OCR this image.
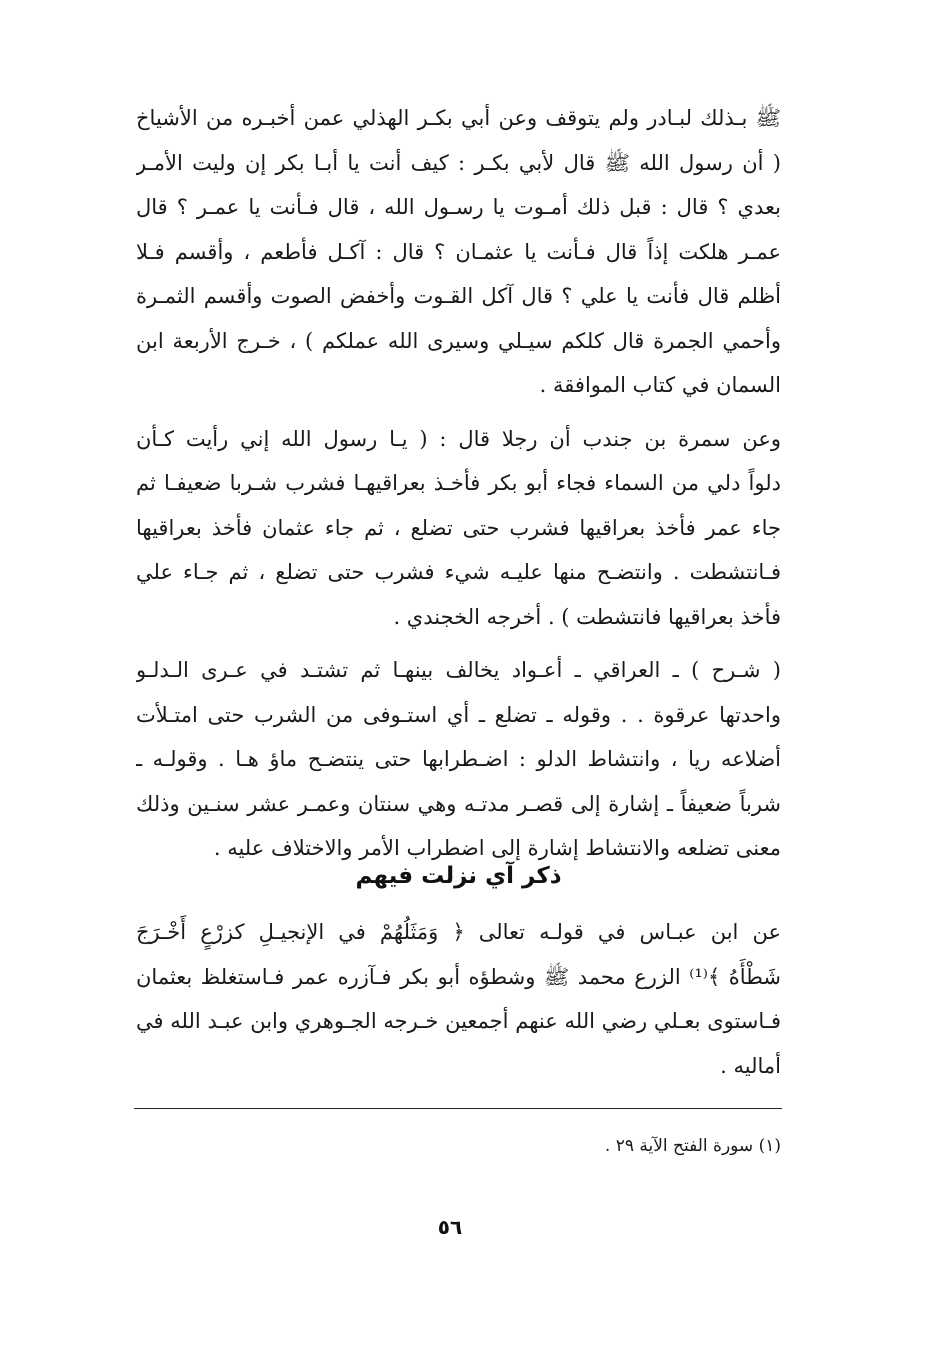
ﷺ بـذلك لبـادر ولم يتوقف وعن أبي بكـر الهذلي عمن أخبـره من الأشياخ
( أن رسول الله ﷺ قال لأبي بكـر : كيف أنت يا أبـا بكر إن وليت الأمـر
بعدي ؟ قال : قبل ذلك أمـوت يا رسـول الله ، قال فـأنت يا عمـر ؟ قال
عمـر هلكت إذاً قال فـأنت يا عثمـان ؟ قال : آكـل فأطعم ، وأقسم فـلا
أظلم قال فأنت يا علي ؟ قال آكل القـوت وأخفض الصوت وأقسم الثمـرة
وأحمي الجمرة قال كلكم سيـلي وسيرى الله عملكم ) ، خـرج الأربعة ابن
السمان في كتاب الموافقة .
وعن سمرة بن جندب أن رجلا قال : ( يـا رسول الله إني رأيت كـأن
دلواً دلي من السماء فجاء أبو بكر فأخـذ بعراقيهـا فشرب شـربا ضعيفـا ثم
جاء عمر فأخذ بعراقيها فشرب حتى تضلع ، ثم جاء عثمان فأخذ بعراقيها
فـانتشطت . وانتضـح منها عليـه شيء فشرب حتى تضلع ، ثم جـاء علي
فأخذ بعراقيها فانتشطت ) . أخرجه الخجندي .
( شـرح ) ـ العراقي ـ أعـواد يخالف بينهـا ثم تشتـد في عـرى الـدلـو
واحدتها عرقوة . . وقوله ـ تضلع ـ أي استـوفى من الشرب حتى امتـلأت
أضلاعه ريا ، وانتشاط الدلو : اضـطرابها حتى ينتضـح ماؤ هـا . وقولـه ـ
شرباً ضعيفاً ـ إشارة إلى قصـر مدتـه وهي سنتان وعمـر عشر سنـين وذلك
معنى تضلعه والانتشاط إشارة إلى اضطراب الأمر والاختلاف عليه .
ذكر آي نزلت فيهم
عن ابن عبـاس في قولـه تعالى ﴿ وَمَثَلُهُمْ في الإنجيـلِ كزرْعٍ أَخْـرَجَ
شَطْأَهُ ﴾⁽¹⁾ الزرع محمد ﷺ وشطؤه أبو بكر فـآزره عمر فـاستغلظ بعثمان
فـاستوى بعـلي رضي الله عنهم أجمعين خـرجه الجـوهري وابن عبـد الله في
أماليه .
(١) سورة الفتح الآية ٢٩ .
٥٦
